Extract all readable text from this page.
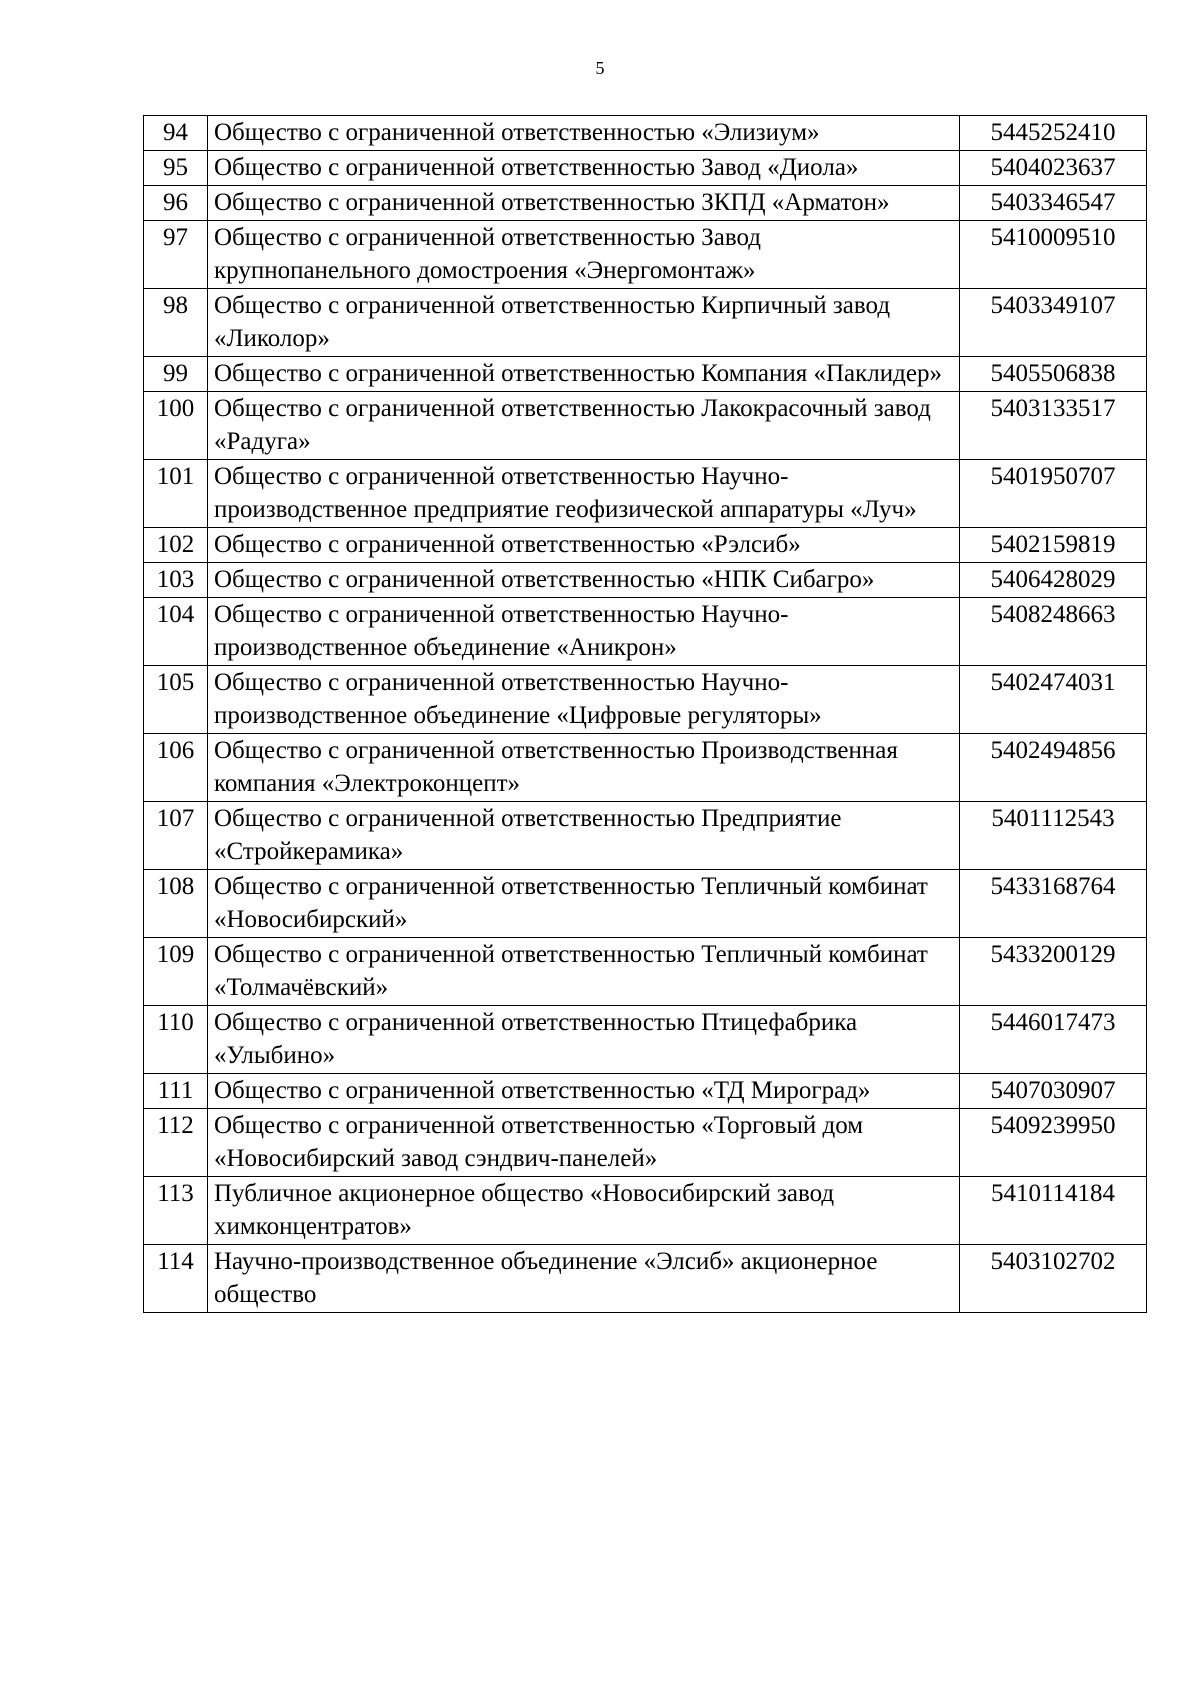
5
94	Общество с ограниченной ответственностью «Элизиум»	5445252410
95	Общество с ограниченной ответственностью Завод «Диола»	5404023637
96	Общество с ограниченной ответственностью ЗКПД «Арматон»	5403346547
97	Общество с ограниченной ответственностью Завод крупнопанельного домостроения «Энергомонтаж»	5410009510
98	Общество с ограниченной ответственностью Кирпичный завод «Ликолор»	5403349107
99	Общество с ограниченной ответственностью Компания «Паклидер»	5405506838
100	Общество с ограниченной ответственностью Лакокрасочный завод «Радуга»	5403133517
101	Общество с ограниченной ответственностью Научно-производственное предприятие геофизической аппаратуры «Луч»	5401950707
102	Общество с ограниченной ответственностью «Рэлсиб»	5402159819
103	Общество с ограниченной ответственностью «НПК Сибагро»	5406428029
104	Общество с ограниченной ответственностью Научно-производственное объединение «Аникрон»	5408248663
105	Общество с ограниченной ответственностью Научно-производственное объединение «Цифровые регуляторы»	5402474031
106	Общество с ограниченной ответственностью Производственная компания «Электроконцепт»	5402494856
107	Общество с ограниченной ответственностью Предприятие «Стройкерамика»	5401112543
108	Общество с ограниченной ответственностью Тепличный комбинат «Новосибирский»	5433168764
109	Общество с ограниченной ответственностью Тепличный комбинат «Толмачёвский»	5433200129
110	Общество с ограниченной ответственностью Птицефабрика «Улыбино»	5446017473
111	Общество с ограниченной ответственностью «ТД Мироград»	5407030907
112	Общество с ограниченной ответственностью «Торговый дом «Новосибирский завод сэндвич-панелей»	5409239950
113	Публичное акционерное общество «Новосибирский завод химконцентратов»	5410114184
114	Научно-производственное объединение «Элсиб» акционерное общество	5403102702
